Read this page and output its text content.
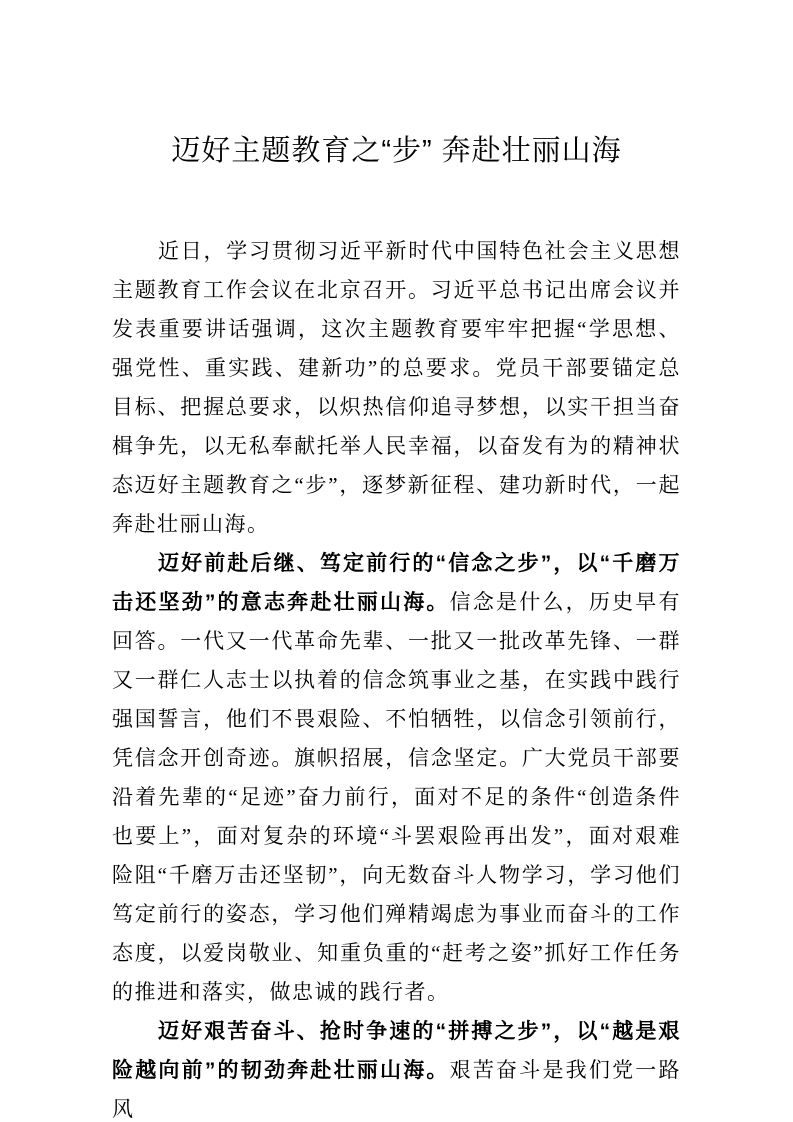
迈好主题教育之“步” 奔赴壮丽山海

近日，学习贯彻习近平新时代中国特色社会主义思想主题教育工作会议在北京召开。习近平总书记出席会议并发表重要讲话强调，这次主题教育要牢牢把握“学思想、强党性、重实践、建新功”的总要求。党员干部要锚定总目标、把握总要求，以炽热信仰追寻梦想，以实干担当奋楫争先，以无私奉献托举人民幸福，以奋发有为的精神状态迈好主题教育之“步”，逐梦新征程、建功新时代，一起奔赴壮丽山海。

迈好前赴后继、笃定前行的“信念之步”，以“千磨万击还坚劲”的意志奔赴壮丽山海。信念是什么，历史早有回答。一代又一代革命先辈、一批又一批改革先锋、一群又一群仁人志士以执着的信念筑事业之基，在实践中践行强国誓言，他们不畏艰险、不怕牺牲，以信念引领前行，凭信念开创奇迹。旗帜招展，信念坚定。广大党员干部要沿着先辈的“足迹”奋力前行，面对不足的条件“创造条件也要上”，面对复杂的环境“斗罢艰险再出发”，面对艰难险阻“千磨万击还坚韧”，向无数奋斗人物学习，学习他们笃定前行的姿态，学习他们殚精竭虑为事业而奋斗的工作态度，以爱岗敬业、知重负重的“赶考之姿”抓好工作任务的推进和落实，做忠诚的践行者。

迈好艰苦奋斗、抢时争速的“拼搏之步”，以“越是艰险越向前”的韧劲奔赴壮丽山海。艰苦奋斗是我们党一路风
